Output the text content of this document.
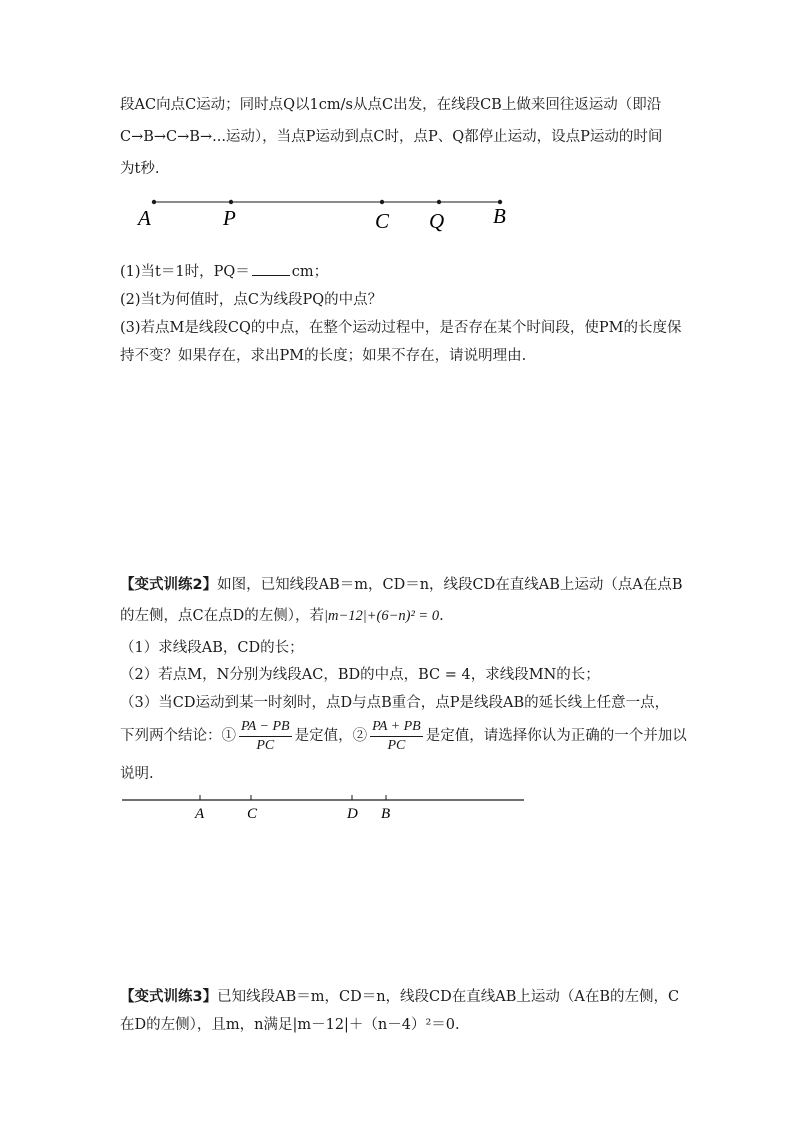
段AC向点C运动；同时点Q以1cm/s从点C出发，在线段CB上做来回往返运动（即沿
C→B→C→B→...运动），当点P运动到点C时，点P、Q都停止运动，设点P运动的时间
为t秒.
A	P	C Q B
(1)当t＝1时，PQ＝	cm；
(2)当t为何值时，点C为线段PQ的中点？
(3)若点M是线段CQ的中点，在整个运动过程中，是否存在某个时间段，使PM的长度保
持不变？如果存在，求出PM的长度；如果不存在，请说明理由.
【变式训练2】如图，已知线段AB＝m，CD＝n，线段CD在直线AB上运动（点A在点B
的左侧，点C在点D的左侧），若|m−12|+(6−n)² = 0.
（1）求线段AB，CD的长；
（2）若点M，N分别为线段AC，BD的中点，BC = 4，求线段MN的长；
（3）当CD运动到某一时刻时，点D与点B重合，点P是线段AB的延长线上任意一点，
下列两个结论：① $\frac{PA - PB}{PC}$ 是定值，② $\frac{PA + PB}{PC}$ 是定值，请选择你认为正确的一个并加以
说明.
A	C	D B
【变式训练3】已知线段AB＝m，CD＝n，线段CD在直线AB上运动（A在B的左侧，C
在D的左侧），且m，n满足|m－12|＋（n－4）²＝0.
